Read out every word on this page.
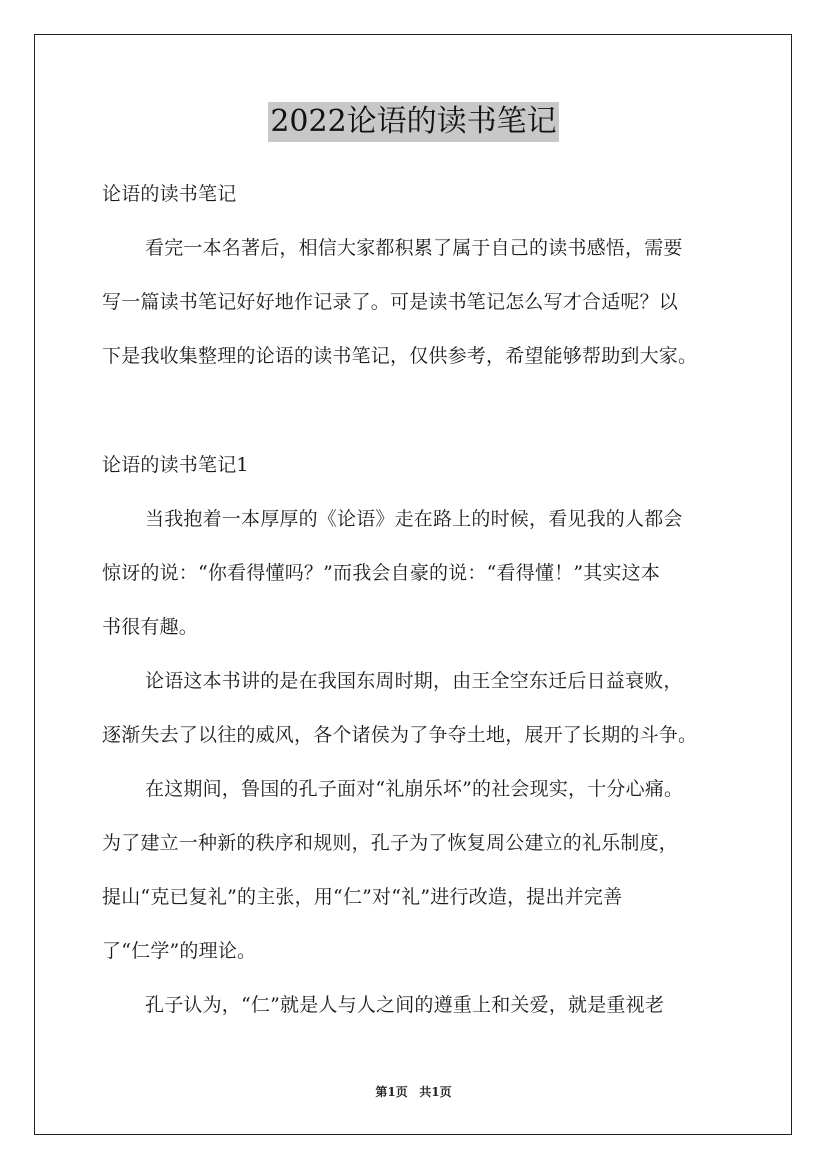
2022论语的读书笔记
论语的读书笔记
看完一本名著后，相信大家都积累了属于自己的读书感悟，需要
写一篇读书笔记好好地作记录了。可是读书笔记怎么写才合适呢？以
下是我收集整理的论语的读书笔记，仅供参考，希望能够帮助到大家。
论语的读书笔记1
当我抱着一本厚厚的《论语》走在路上的时候，看见我的人都会
惊讶的说：“你看得懂吗？”而我会自豪的说：“看得懂！”其实这本
书很有趣。
论语这本书讲的是在我国东周时期，由王全空东迁后日益衰败，
逐渐失去了以往的威风，各个诸侯为了争夺土地，展开了长期的斗争。
在这期间，鲁国的孔子面对“礼崩乐坏”的社会现实，十分心痛。
为了建立一种新的秩序和规则，孔子为了恢复周公建立的礼乐制度，
提山“克已复礼”的主张，用“仁”对“礼”进行改造，提出并完善
了“仁学”的理论。
孔子认为，“仁”就是人与人之间的遵重上和关爱，就是重视老
第1页 共1页
